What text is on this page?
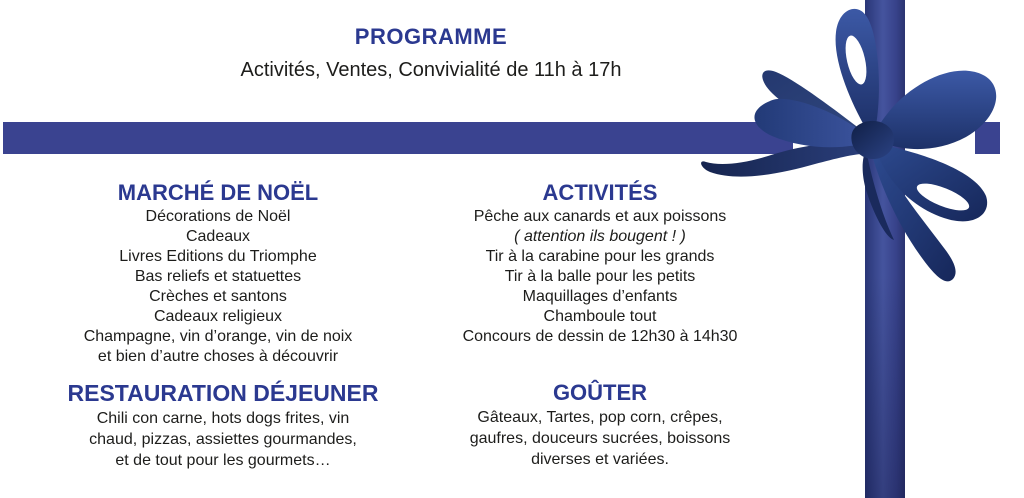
PROGRAMME
Activités, Ventes, Convivialité de 11h à 17h
MARCHÉ DE NOËL
Décorations de Noël
Cadeaux
Livres Editions du Triomphe
Bas reliefs et statuettes
Crèches et santons
Cadeaux religieux
Champagne, vin d’orange, vin de noix
et bien d’autre choses à découvrir
ACTIVITÉS
Pêche aux canards et aux poissons
( attention ils bougent ! )
Tir à la carabine pour les grands
Tir à la balle pour les petits
Maquillages d’enfants
Chamboule tout
Concours de dessin de 12h30 à 14h30
RESTAURATION DÉJEUNER
Chili con carne, hots dogs frites, vin
chaud, pizzas, assiettes gourmandes,
et de tout pour les gourmets…
GOÛTER
Gâteaux, Tartes, pop corn, crêpes,
gaufres, douceurs sucrées, boissons
diverses et variées.
